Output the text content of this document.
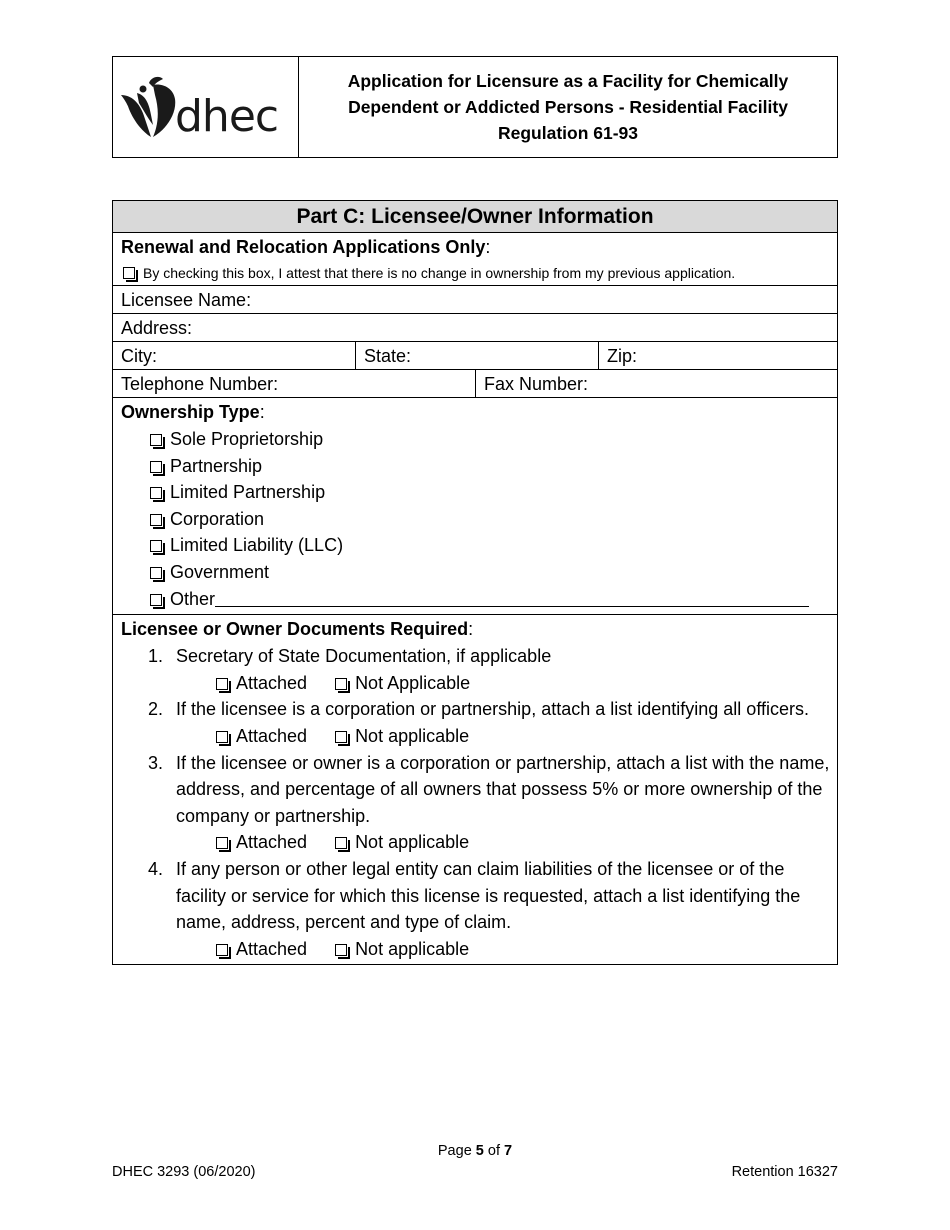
dhec
Application for Licensure as a Facility for Chemically
Dependent or Addicted Persons - Residential Facility
Regulation 61-93
Part C: Licensee/Owner Information
Renewal and Relocation Applications Only:
By checking this box, I attest that there is no change in ownership from my previous application.
Licensee Name:
Address:
City:	State:	Zip:
Telephone Number:	Fax Number:
Ownership Type:
Sole Proprietorship
Partnership
Limited Partnership
Corporation
Limited Liability (LLC)
Government
Other
Licensee or Owner Documents Required:
1. Secretary of State Documentation, if applicable
Attached	Not Applicable
2. If the licensee is a corporation or partnership, attach a list identifying all officers.
Attached	Not applicable
3. If the licensee or owner is a corporation or partnership, attach a list with the name, address, and percentage of all owners that possess 5% or more ownership of the company or partnership.
Attached	Not applicable
4. If any person or other legal entity can claim liabilities of the licensee or of the facility or service for which this license is requested, attach a list identifying the name, address, percent and type of claim.
Attached	Not applicable
Page 5 of 7
DHEC 3293 (06/2020)	Retention 16327
